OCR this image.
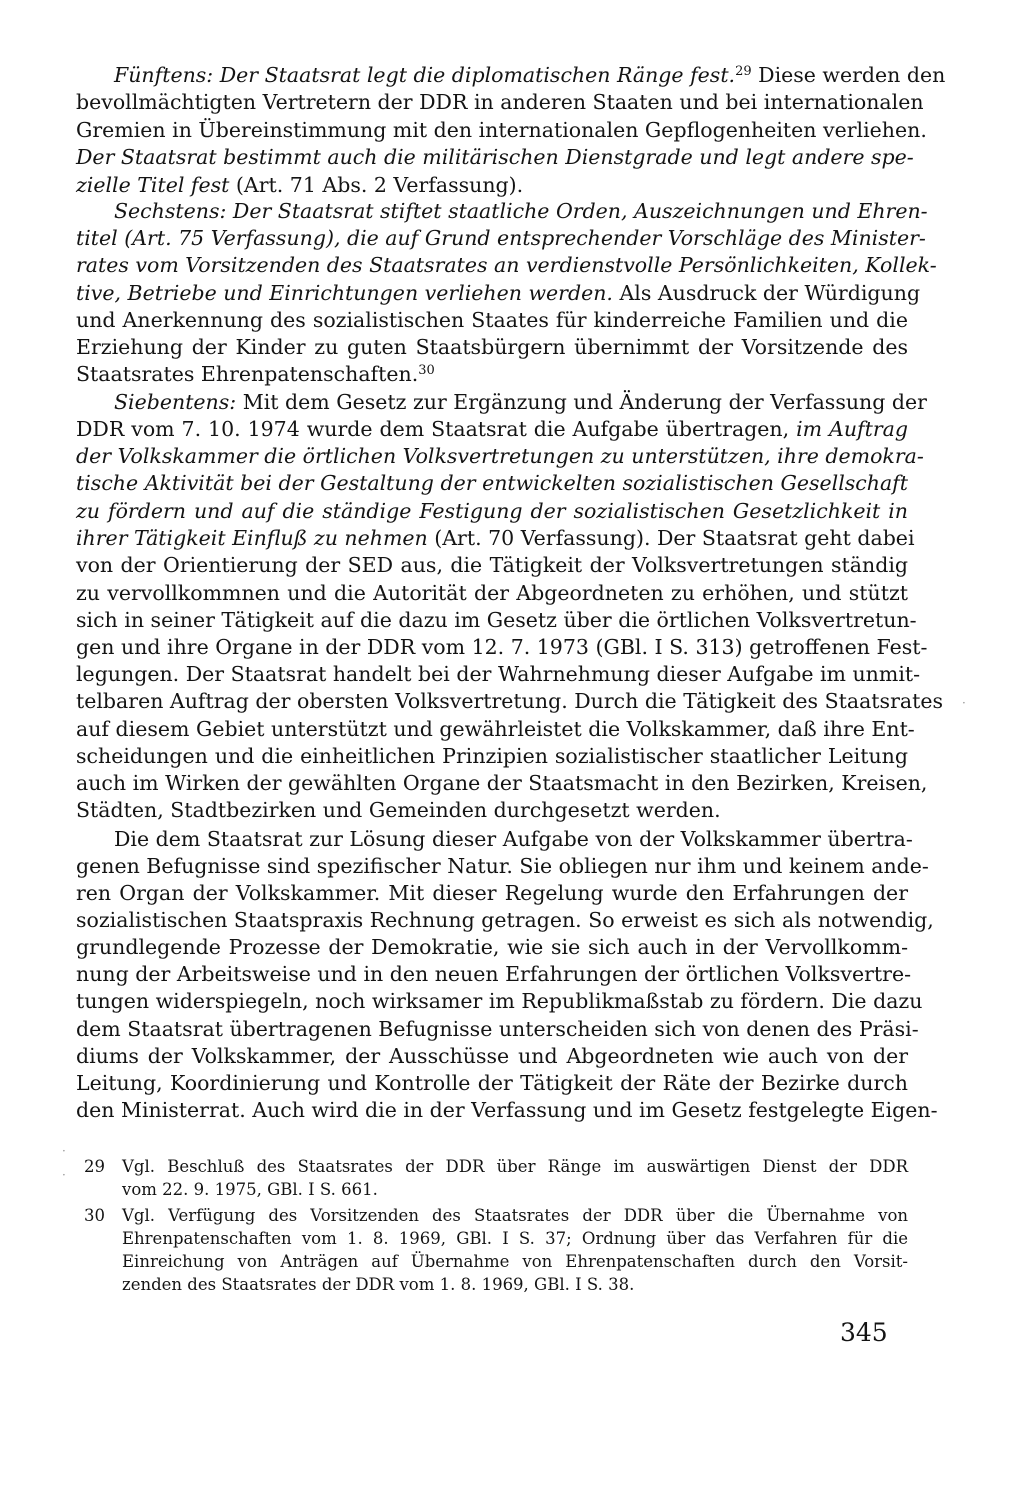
Fünftens: Der Staatsrat legt die diplomatischen Ränge fest.$^{29}$ Diese werden den
bevollmächtigten Vertretern der DDR in anderen Staaten und bei internationalen
Gremien in Übereinstimmung mit den internationalen Gepflogenheiten verliehen.
Der Staatsrat bestimmt auch die militärischen Dienstgrade und legt andere spe-
zielle Titel fest (Art. 71 Abs. 2 Verfassung).
Sechstens: Der Staatsrat stiftet staatliche Orden, Auszeichnungen und Ehren-
titel (Art. 75 Verfassung), die auf Grund entsprechender Vorschläge des Minister-
rates vom Vorsitzenden des Staatsrates an verdienstvolle Persönlichkeiten, Kollek-
tive, Betriebe und Einrichtungen verliehen werden. Als Ausdruck der Würdigung
und Anerkennung des sozialistischen Staates für kinderreiche Familien und die
Erziehung der Kinder zu guten Staatsbürgern übernimmt der Vorsitzende des
Staatsrates Ehrenpatenschaften.$^{30}$
Siebentens: Mit dem Gesetz zur Ergänzung und Änderung der Verfassung der
DDR vom 7. 10. 1974 wurde dem Staatsrat die Aufgabe übertragen, im Auftrag
der Volkskammer die örtlichen Volksvertretungen zu unterstützen, ihre demokra-
tische Aktivität bei der Gestaltung der entwickelten sozialistischen Gesellschaft
zu fördern und auf die ständige Festigung der sozialistischen Gesetzlichkeit in
ihrer Tätigkeit Einfluß zu nehmen (Art. 70 Verfassung). Der Staatsrat geht dabei
von der Orientierung der SED aus, die Tätigkeit der Volksvertretungen ständig
zu vervollkommnen und die Autorität der Abgeordneten zu erhöhen, und stützt
sich in seiner Tätigkeit auf die dazu im Gesetz über die örtlichen Volksvertretun-
gen und ihre Organe in der DDR vom 12. 7. 1973 (GBl. I S. 313) getroffenen Fest-
legungen. Der Staatsrat handelt bei der Wahrnehmung dieser Aufgabe im unmit-
telbaren Auftrag der obersten Volksvertretung. Durch die Tätigkeit des Staatsrates
auf diesem Gebiet unterstützt und gewährleistet die Volkskammer, daß ihre Ent-
scheidungen und die einheitlichen Prinzipien sozialistischer staatlicher Leitung
auch im Wirken der gewählten Organe der Staatsmacht in den Bezirken, Kreisen,
Städten, Stadtbezirken und Gemeinden durchgesetzt werden.
Die dem Staatsrat zur Lösung dieser Aufgabe von der Volkskammer übertra-
genen Befugnisse sind spezifischer Natur. Sie obliegen nur ihm und keinem ande-
ren Organ der Volkskammer. Mit dieser Regelung wurde den Erfahrungen der
sozialistischen Staatspraxis Rechnung getragen. So erweist es sich als notwendig,
grundlegende Prozesse der Demokratie, wie sie sich auch in der Vervollkomm-
nung der Arbeitsweise und in den neuen Erfahrungen der örtlichen Volksvertre-
tungen widerspiegeln, noch wirksamer im Republikmaßstab zu fördern. Die dazu
dem Staatsrat übertragenen Befugnisse unterscheiden sich von denen des Präsi-
diums der Volkskammer, der Ausschüsse und Abgeordneten wie auch von der
Leitung, Koordinierung und Kontrolle der Tätigkeit der Räte der Bezirke durch
den Ministerrat. Auch wird die in der Verfassung und im Gesetz festgelegte Eigen-
29 Vgl. Beschluß des Staatsrates der DDR über Ränge im auswärtigen Dienst der DDR
vom 22. 9. 1975, GBl. I S. 661.
30 Vgl. Verfügung des Vorsitzenden des Staatsrates der DDR über die Übernahme von
Ehrenpatenschaften vom 1. 8. 1969, GBl. I S. 37; Ordnung über das Verfahren für die
Einreichung von Anträgen auf Übernahme von Ehrenpatenschaften durch den Vorsit-
zenden des Staatsrates der DDR vom 1. 8. 1969, GBl. I S. 38.
345
·
·
·
